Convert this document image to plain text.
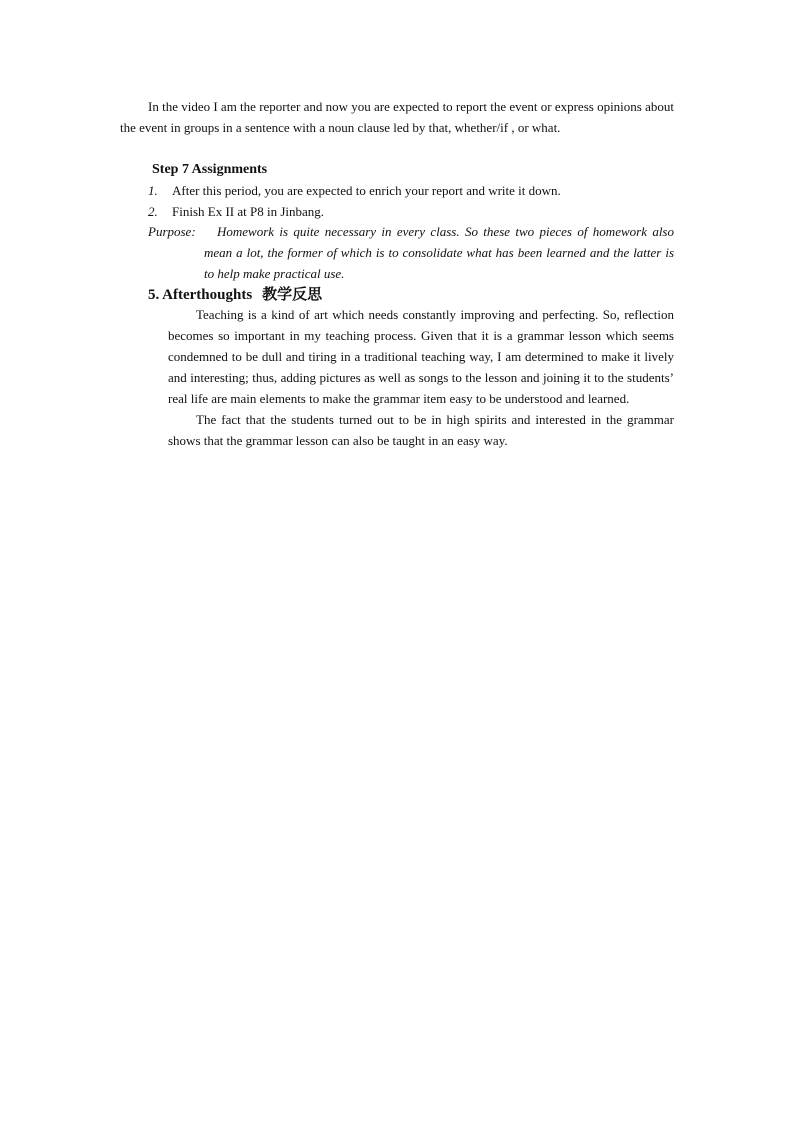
In the video I am the reporter and now you are expected to report the event or express opinions about the event in groups in a sentence with a noun clause led by that, whether/if , or what.

Step 7 Assignments
1. After this period, you are expected to enrich your report and write it down.
2. Finish Ex II at P8 in Jinbang.
Purpose:	Homework is quite necessary in every class. So these two pieces of homework also mean a lot, the former of which is to consolidate what has been learned and the latter is to help make practical use.

5. Afterthoughts 教学反思

Teaching is a kind of art which needs constantly improving and perfecting. So, reflection becomes so important in my teaching process. Given that it is a grammar lesson which seems condemned to be dull and tiring in a traditional teaching way, I am determined to make it lively and interesting; thus, adding pictures as well as songs to the lesson and joining it to the students’ real life are main elements to make the grammar item easy to be understood and learned.

The fact that the students turned out to be in high spirits and interested in the grammar shows that the grammar lesson can also be taught in an easy way.
